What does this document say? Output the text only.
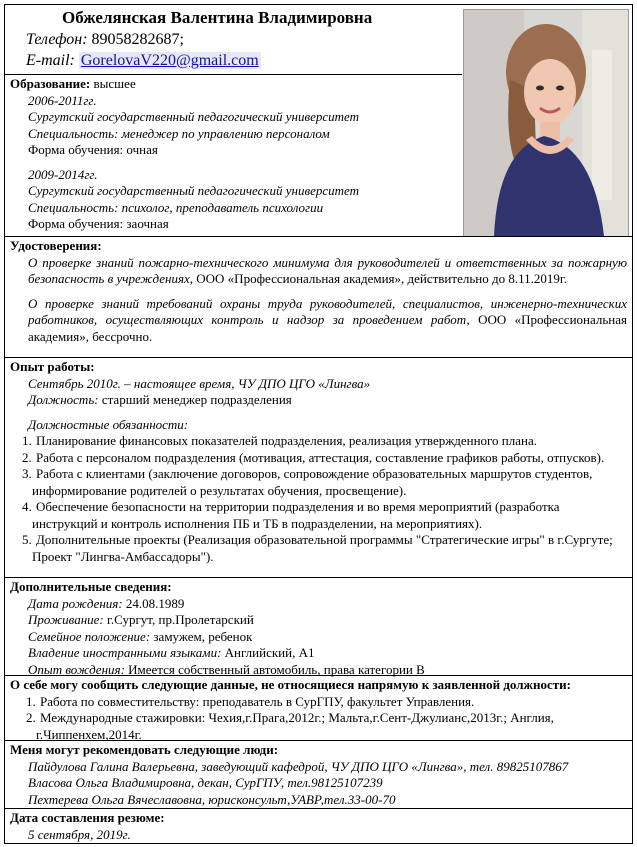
Обжелянская Валентина Владимировна
Телефон: 89058282687;
E-mail: GorelovaV220@gmail.com
Образование: высшее
2006-2011гг.
Сургутский государственный педагогический университет
Специальность: менеджер по управлению персоналом
Форма обучения: очная
2009-2014гг.
Сургутский государственный педагогический университет
Специальность: психолог, преподаватель психологии
Форма обучения: заочная
Удостоверения:

О проверке знаний пожарно-технического минимума для руководителей и ответственных за пожарную безопасность в учреждениях, ООО «Профессиональная академия», действительно до 8.11.2019г.

О проверке знаний требований охраны труда руководителей, специалистов, инженерно-технических работников, осуществляющих контроль и надзор за проведением работ, ООО «Профессиональная академия», бессрочно.

Опыт работы:
Сентябрь 2010г. – настоящее время, ЧУ ДПО ЦГО «Лингва»
Должность: старший менеджер подразделения
Должностные обязанности:

1. Планирование финансовых показателей подразделения, реализация утвержденного плана.

2. Работа с персоналом подразделения (мотивация, аттестация, составление графиков работы, отпусков).

3. Работа с клиентами (заключение договоров, сопровождение образовательных маршрутов студентов, информирование родителей о результатах обучения, просвещение).

4. Обеспечение безопасности на территории подразделения и во время мероприятий (разработка инструкций и контроль исполнения ПБ и ТБ в подразделении, на мероприятиях).

5. Дополнительные проекты (Реализация образовательной программы "Стратегические игры" в г.Сургуте; Проект "Лингва-Амбассадоры").

Дополнительные сведения:
Дата рождения: 24.08.1989
Проживание: г.Сургут, пр.Пролетарский
Семейное положение: замужем, ребенок
Владение иностранными языками: Английский, А1
Опыт вождения: Имеется собственный автомобиль, права категории В
О себе могу сообщить следующие данные, не относящиеся напрямую к заявленной должности:

1. Работа по совместительству: преподаватель в СурГПУ, факультет Управления.

2. Международные стажировки: Чехия,г.Прага,2012г.; Мальта,г.Сент-Джулианс,2013г.; Англия, г.Чиппенхем,2014г.

Меня могут рекомендовать следующие люди:
Пайдулова Галина Валерьевна, заведующий кафедрой, ЧУ ДПО ЦГО «Лингва», тел. 89825107867
Власова Ольга Владимировна, декан, СурГПУ, тел.98125107239
Пехтерева Ольга Вячеславовна, юрисконсульт,УАВР,тел.33-00-70
Дата составления резюме:
5 сентября, 2019г.
